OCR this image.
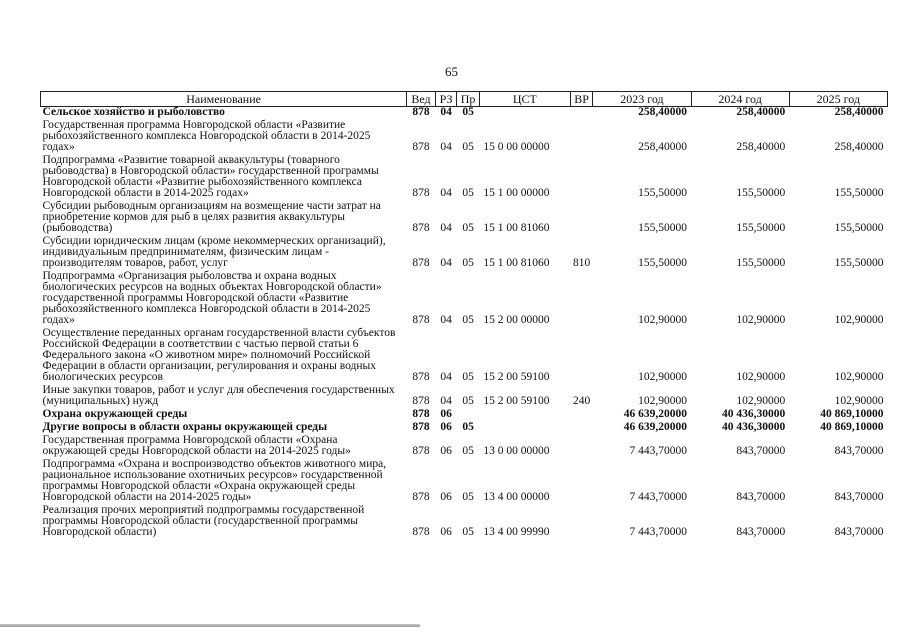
65
Наименование	Вед	РЗ	Пр	ЦСТ	ВР	2023 год	2024 год	2025 год
Сельское хозяйство и рыболовство	878	04	05			258,40000	258,40000	258,40000
Государственная программа Новгородской области «Развитие рыбохозяйственного комплекса Новгородской области в 2014-2025 годах»	878	04	05	15 0 00 00000		258,40000	258,40000	258,40000
Подпрограмма «Развитие товарной аквакультуры (товарного рыбоводства) в Новгородской области» государственной программы Новгородской области «Развитие рыбохозяйственного комплекса Новгородской области в 2014-2025 годах»	878	04	05	15 1 00 00000		155,50000	155,50000	155,50000
Субсидии рыбоводным организациям на возмещение части затрат на приобретение кормов для рыб в целях развития аквакультуры (рыбоводства)	878	04	05	15 1 00 81060		155,50000	155,50000	155,50000
Субсидии юридическим лицам (кроме некоммерческих организаций), индивидуальным предпринимателям, физическим лицам - производителям товаров, работ, услуг	878	04	05	15 1 00 81060	810	155,50000	155,50000	155,50000
Подпрограмма «Организация рыболовства и охрана водных биологических ресурсов на водных объектах Новгородской области» государственной программы Новгородской области «Развитие рыбохозяйственного комплекса Новгородской области в 2014-2025 годах»	878	04	05	15 2 00 00000		102,90000	102,90000	102,90000
Осуществление переданных органам государственной власти субъектов Российской Федерации в соответствии с частью первой статьи 6 Федерального закона «О животном мире» полномочий Российской Федерации в области организации, регулирования и охраны водных биологических ресурсов	878	04	05	15 2 00 59100		102,90000	102,90000	102,90000
Иные закупки товаров, работ и услуг для обеспечения государственных (муниципальных) нужд	878	04	05	15 2 00 59100	240	102,90000	102,90000	102,90000
Охрана окружающей среды	878	06				46 639,20000	40 436,30000	40 869,10000
Другие вопросы в области охраны окружающей среды	878	06	05			46 639,20000	40 436,30000	40 869,10000
Государственная программа Новгородской области «Охрана окружающей среды Новгородской области на 2014-2025 годы»	878	06	05	13 0 00 00000		7 443,70000	843,70000	843,70000
Подпрограмма «Охрана и воспроизводство объектов животного мира, рациональное использование охотничьих ресурсов» государственной программы Новгородской области «Охрана окружающей среды Новгородской области на 2014-2025 годы»	878	06	05	13 4 00 00000		7 443,70000	843,70000	843,70000
Реализация прочих мероприятий подпрограммы государственной программы Новгородской области (государственной программы Новгородской области)	878	06	05	13 4 00 99990		7 443,70000	843,70000	843,70000
